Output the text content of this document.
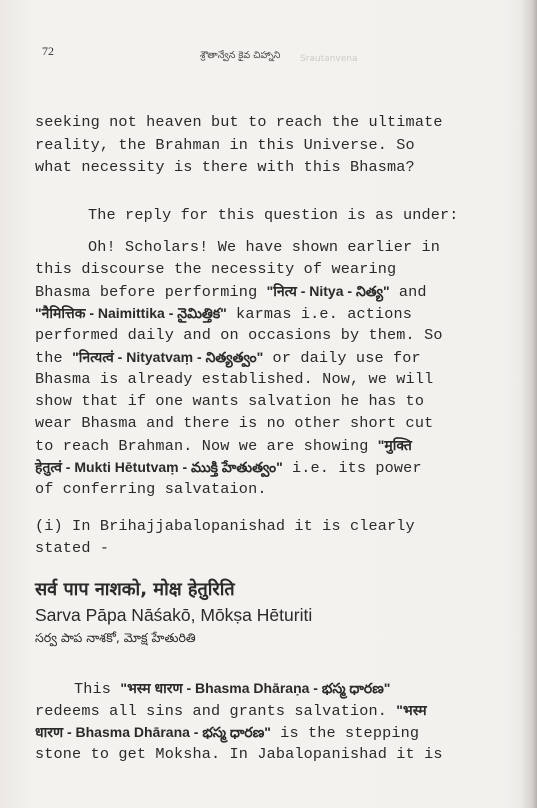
72	శ్రౌతాన్వేన కైవ చిహ్నాని Srautanvena
seeking not heaven but to reach the ultimate
reality, the Brahman in this Universe. So
what necessity is there with this Bhasma?
The reply for this question is as under:
Oh! Scholars! We have shown earlier in
this discourse the necessity of wearing
Bhasma before performing "नित्य - Nitya - నిత్య" and
"नैमित्तिक - Naimittika - నైమిత్తిక" karmas i.e. actions
performed daily and on occasions by them. So
the "नित्यत्वं - Nityatvaṃ - నిత్యత్వం" or daily use for
Bhasma is already established. Now, we will
show that if one wants salvation he has to
wear Bhasma and there is no other short cut
to reach Brahman. Now we are showing "मुक्ति
हेतुत्वं - Mukti Hētutvaṃ - ముక్తి హేతుత్వం" i.e. its power
of conferring salvataion.
(i) In Brihajjabalopanishad it is clearly
stated -
सर्व पाप नाशको, मोक्ष हेतुरिति
Sarva Pāpa Nāśakō, Mōkṣa Hēturiti
సర్వ పాప నాశకో, మోక్ష హేతురితి
This "भस्म धारण - Bhasma Dhāraṇa - భస్మ ధారణ"
redeems all sins and grants salvation. "भस्म
धारण - Bhasma Dhārana - భస్మ ధారణ" is the stepping
stone to get Moksha. In Jabalopanishad it is
